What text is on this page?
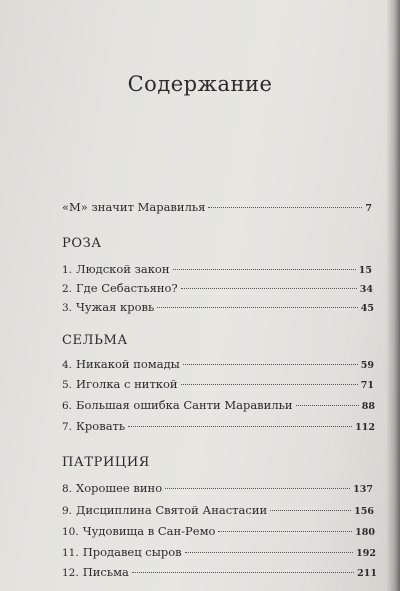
Содержание
«М» значит Маравилья	7
РОЗА
1. Людской закон	15
2. Где Себастьяно?	34
3. Чужая кровь	45
СЕЛЬМА
4. Никакой помады	59
5. Иголка с ниткой	71
6. Большая ошибка Санти Маравильи	88
7. Кровать	112
ПАТРИЦИЯ
8. Хорошее вино	137
9. Дисциплина Святой Анастасии	156
10. Чудовища в Сан-Ремо	180
11. Продавец сыров	192
12. Письма	211
